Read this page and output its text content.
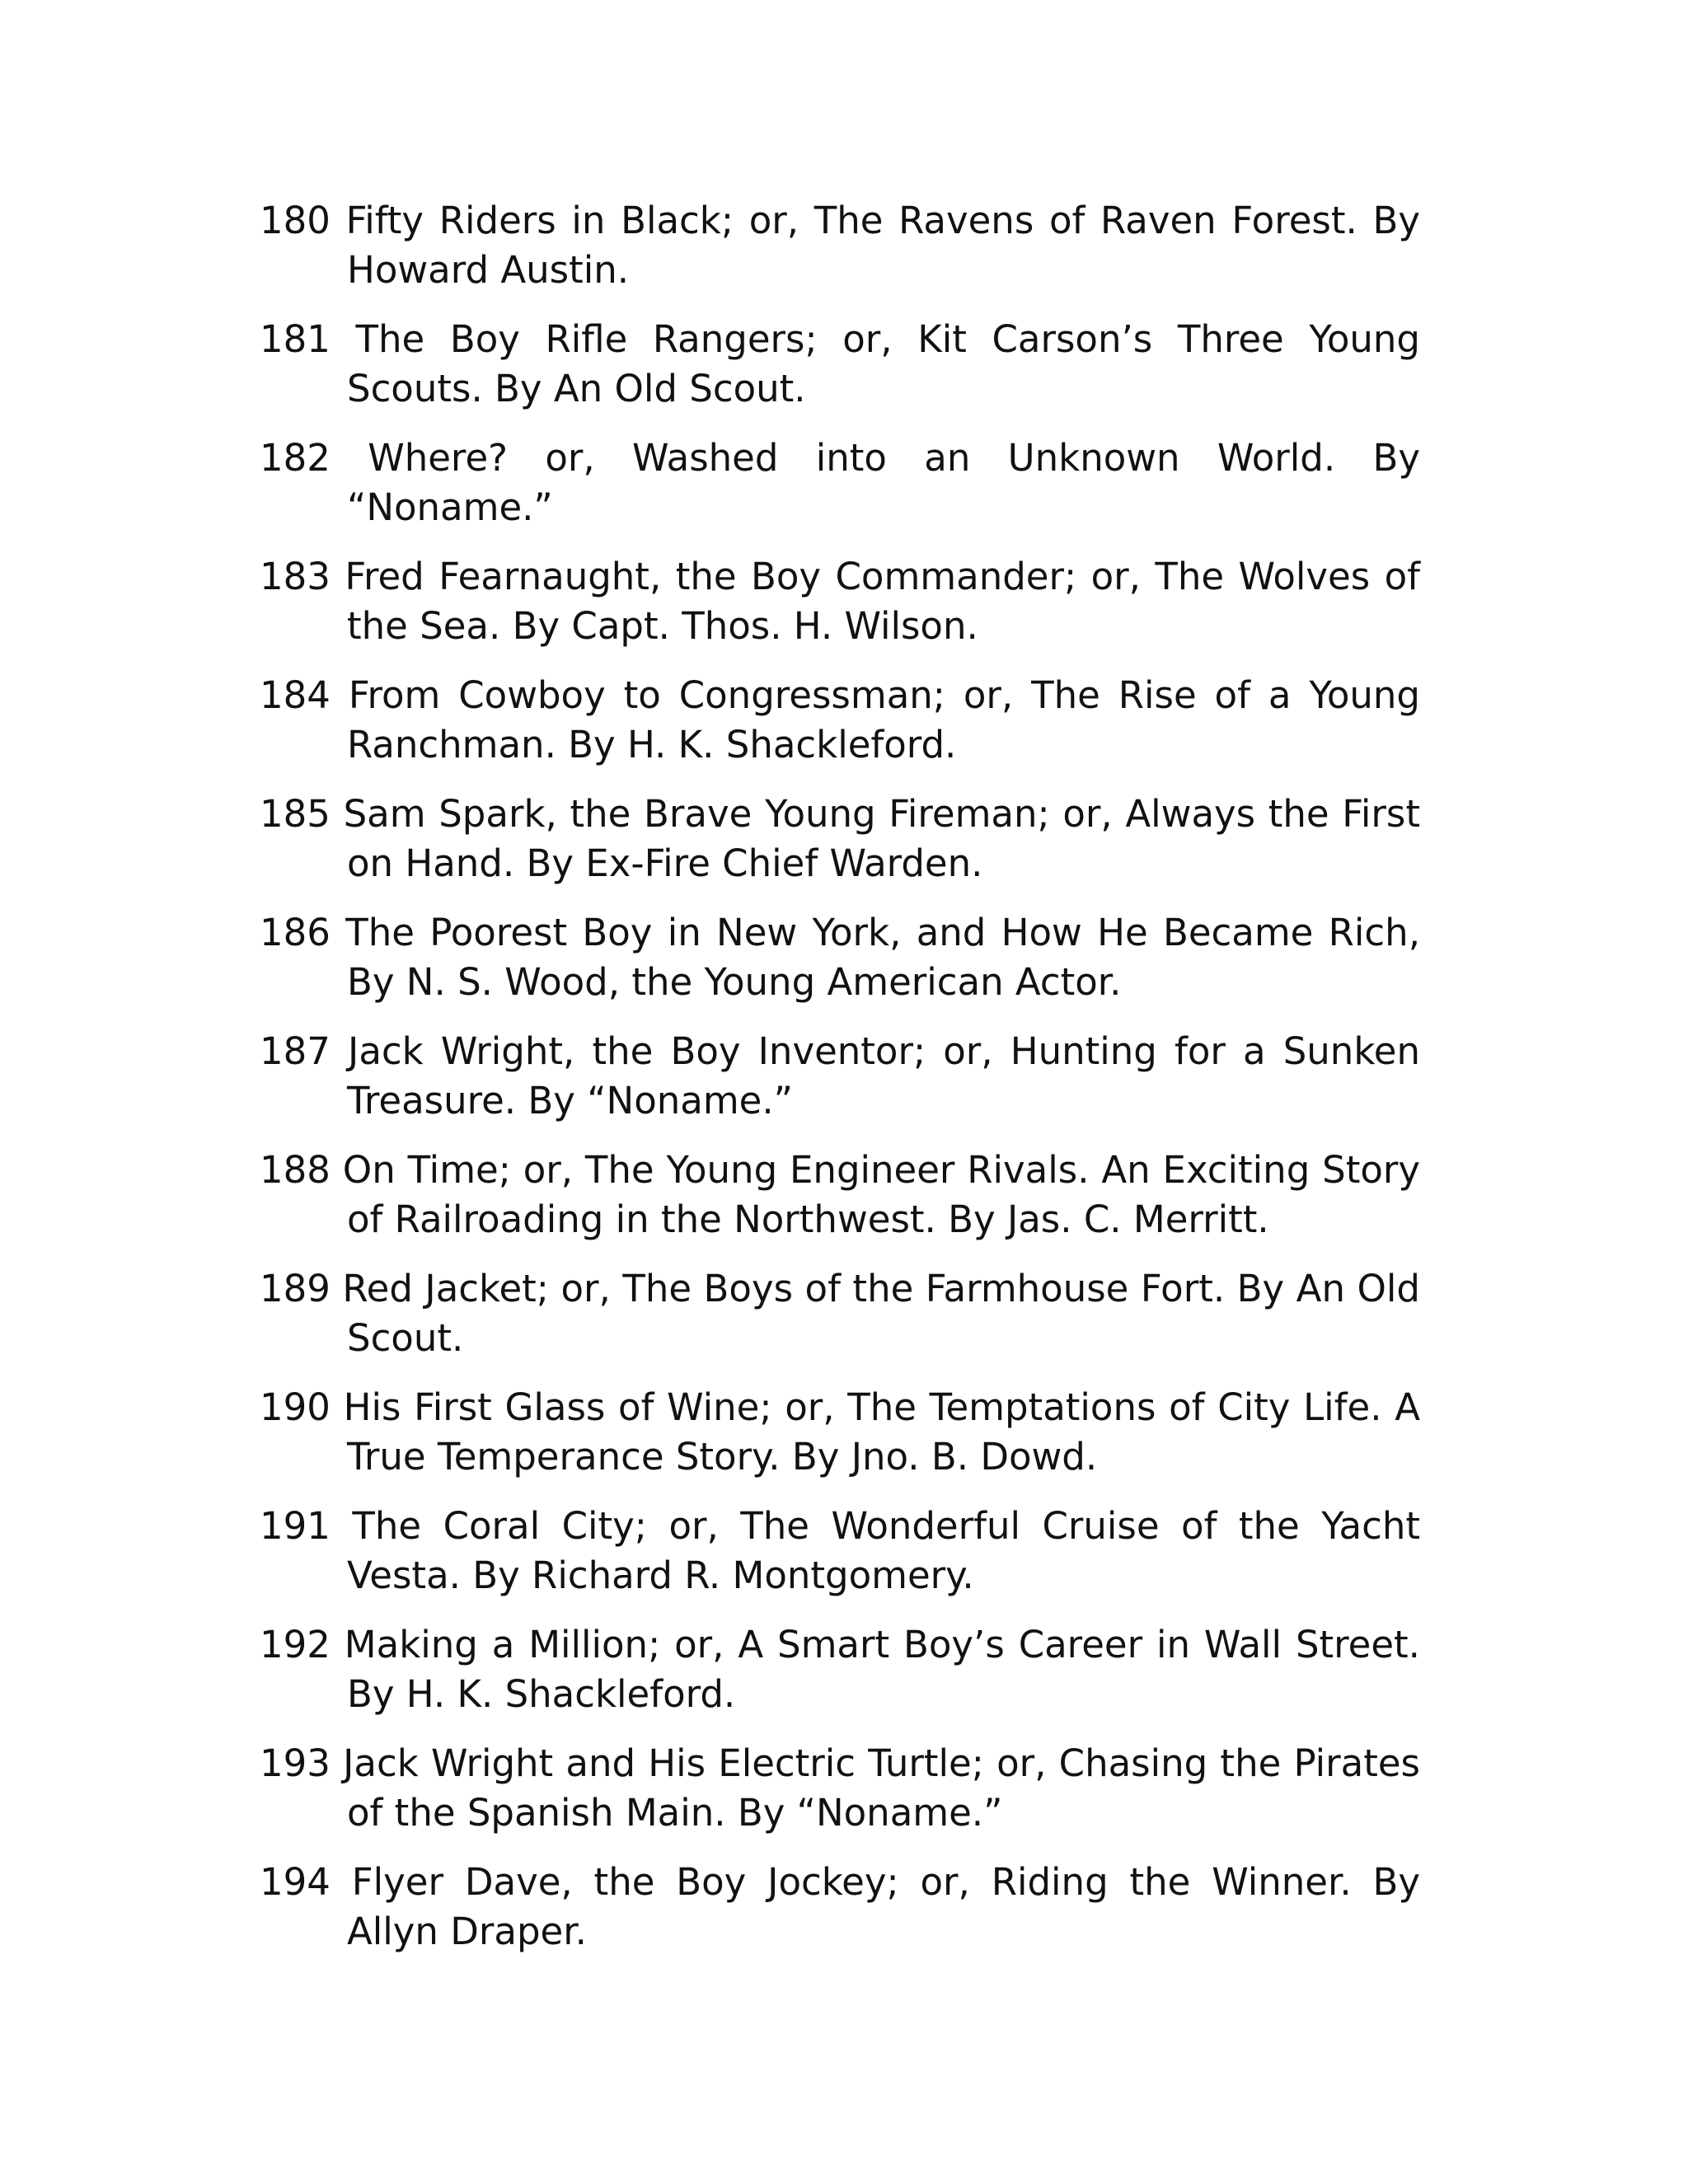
180 Fifty Riders in Black; or, The Ravens of Raven Forest. By Howard Austin.
181 The Boy Rifle Rangers; or, Kit Carson’s Three Young Scouts. By An Old Scout.
182 Where? or, Washed into an Unknown World. By “Noname.”
183 Fred Fearnaught, the Boy Commander; or, The Wolves of the Sea. By Capt. Thos. H. Wilson.
184 From Cowboy to Congressman; or, The Rise of a Young Ranchman. By H. K. Shackleford.
185 Sam Spark, the Brave Young Fireman; or, Always the First on Hand. By Ex-Fire Chief Warden.
186 The Poorest Boy in New York, and How He Became Rich, By N. S. Wood, the Young American Actor.
187 Jack Wright, the Boy Inventor; or, Hunting for a Sunken Treasure. By “Noname.”
188 On Time; or, The Young Engineer Rivals. An Exciting Story of Railroading in the Northwest. By Jas. C. Merritt.
189 Red Jacket; or, The Boys of the Farmhouse Fort. By An Old Scout.
190 His First Glass of Wine; or, The Temptations of City Life. A True Temperance Story. By Jno. B. Dowd.
191 The Coral City; or, The Wonderful Cruise of the Yacht Vesta. By Richard R. Montgomery.
192 Making a Million; or, A Smart Boy’s Career in Wall Street. By H. K. Shackleford.
193 Jack Wright and His Electric Turtle; or, Chasing the Pirates of the Spanish Main. By “Noname.”
194 Flyer Dave, the Boy Jockey; or, Riding the Winner. By Allyn Draper.
